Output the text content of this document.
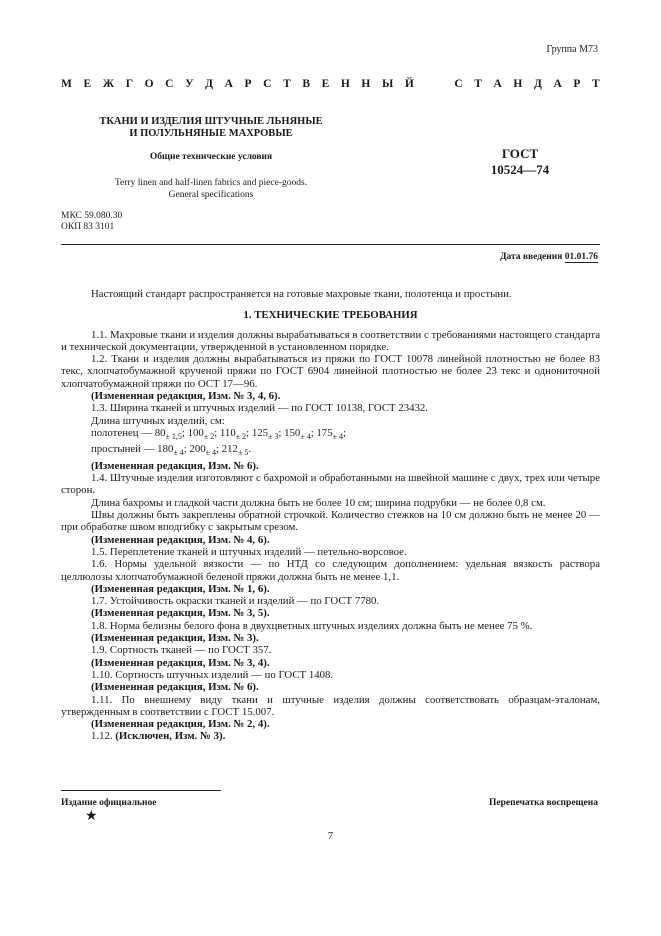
Группа М73
М Е Ж Г О С У Д А Р С Т В Е Н Н Ы Й

	С Т А Н Д А Р Т
ТКАНИ И ИЗДЕЛИЯ ШТУЧНЫЕ ЛЬНЯНЫЕ
И ПОЛУЛЬНЯНЫЕ МАХРОВЫЕ
Общие технические условия	ГОСТ
10524—74
Terry linen and half-linen fabrics and piece-goods.
General specifications
МКС 59.080.30
ОКП 83 3101
Дата введения 01.01.76

Настоящий стандарт распространяется на готовые махровые ткани, полотенца и простыни.

1. ТЕХНИЧЕСКИЕ ТРЕБОВАНИЯ

1.1. Махровые ткани и изделия должны вырабатываться в соответствии с требованиями настоящего стандарта и технической документации, утвержденной в установленном порядке.

1.2. Ткани и изделия должны вырабатываться из пряжи по ГОСТ 10078 линейной плотностью не более 83 текс, хлопчатобумажной крученой пряжи по ГОСТ 6904 линейной плотностью не более 23 текс и однониточной хлопчатобумажной пряжи по ОСТ 17—96.

(Измененная редакция, Изм. № 3, 4, 6).

1.3. Ширина тканей и штучных изделий — по ГОСТ 10138, ГОСТ 23432.

Длина штучных изделий, см:

полотенец — $80_{\pm 1,5}$; $100_{\pm 2}$; $110_{\pm 2}$; $125_{\pm 3}$; $150_{\pm 4}$; $175_{\pm 4}$;

простыней — $180_{\pm 4}$; $200_{\pm 4}$; $212_{\pm 5}$.

(Измененная редакция, Изм. № 6).

1.4. Штучные изделия изготовляют с бахромой и обработанными на швейной машине с двух, трех или четыре сторон.

Длина бахромы и гладкой части должна быть не более 10 см; ширина подрубки — не более 0,8 см.

Швы должны быть закреплены обратной строчкой. Количество стежков на 10 см должно быть не менее 20 — при обработке швом вподгибку с закрытым срезом.

(Измененная редакция, Изм. № 4, 6).

1.5. Переплетение тканей и штучных изделий — петельно-ворсовое.

1.6. Нормы удельной вязкости — по НТД со следующим дополнением: удельная вязкость раствора целлюлозы хлопчатобумажной беленой пряжи должна быть не менее 1,1.

(Измененная редакция, Изм. № 1, 6).

1.7. Устойчивость окраски тканей и изделий — по ГОСТ 7780.

(Измененная редакция, Изм. № 3, 5).

1.8. Норма белизны белого фона в двухцветных штучных изделиях должна быть не менее 75 %.

(Измененная редакция, Изм. № 3).

1.9. Сортность тканей — по ГОСТ 357.

(Измененная редакция, Изм. № 3, 4).

1.10. Сортность штучных изделий — по ГОСТ 1408.

(Измененная редакция, Изм. № 6).

1.11. По внешнему виду ткани и штучные изделия должны соответствовать образцам-эталонам, утвержденным в соответствии с ГОСТ 15.007.

(Измененная редакция, Изм. № 2, 4).

1.12. (Исключен, Изм. № 3).

Издание официальное
★
Перепечатка воспрещена
7
